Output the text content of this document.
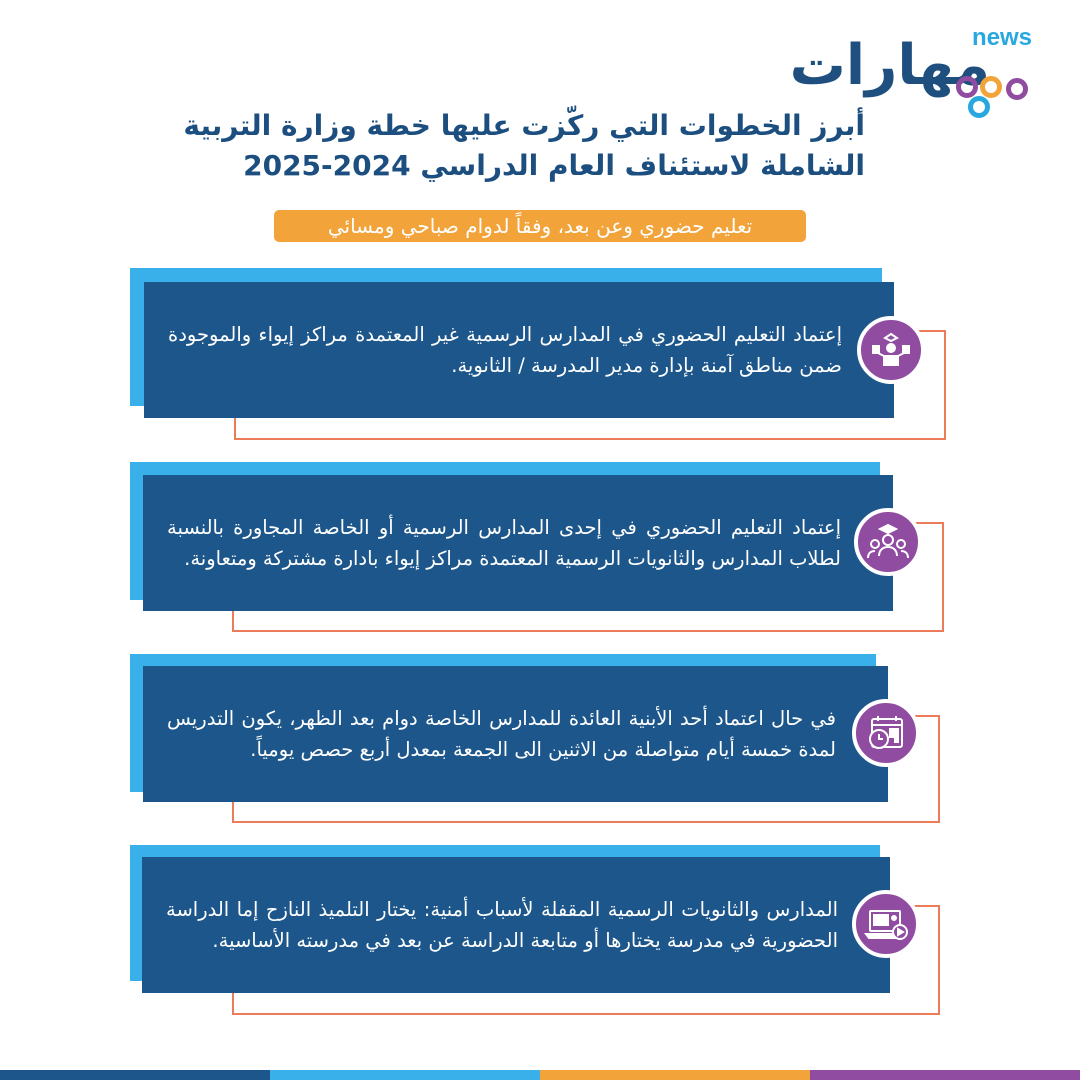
news
مهارات
أبرز الخطوات التي ركّزت عليها خطة وزارة التربية
الشاملة لاستئناف العام الدراسي 2024-2025
تعليم حضوري وعن بعد، وفقاً لدوام صباحي ومسائي
إعتماد التعليم الحضوري في المدارس الرسمية غير المعتمدة مراكز إيواء والموجودة ضمن مناطق آمنة بإدارة مدير المدرسة / الثانوية.
إعتماد التعليم الحضوري في إحدى المدارس الرسمية أو الخاصة المجاورة بالنسبة لطلاب المدارس والثانويات الرسمية المعتمدة مراكز إيواء بادارة مشتركة ومتعاونة.
في حال اعتماد أحد الأبنية العائدة للمدارس الخاصة دوام بعد الظهر، يكون التدريس لمدة خمسة أيام متواصلة من الاثنين الى الجمعة بمعدل أربع حصص يومياً.
المدارس والثانويات الرسمية المقفلة لأسباب أمنية: يختار التلميذ النازح إما الدراسة الحضورية في مدرسة يختارها أو متابعة الدراسة عن بعد في مدرسته الأساسية.
